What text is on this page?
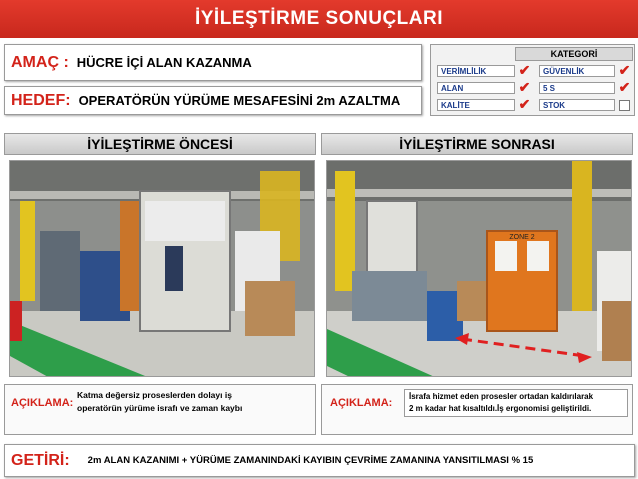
İYİLEŞTİRME SONUÇLARI
AMAÇ : HÜCRE İÇİ ALAN KAZANMA
HEDEF: OPERATÖRÜN YÜRÜME MESAFESİNİ 2m AZALTMA
KATEGORİ
VERİMLİLİK	✔	GÜVENLİK	✔
ALAN	✔	5 S	✔
KALİTE	✔	STOK
İYİLEŞTİRME ÖNCESİ
AÇIKLAMA:
Katma değersiz proseslerden dolayı iş
operatörün yürüme israfı ve zaman kaybı
İYİLEŞTİRME SONRASI
ZONE 2
AÇIKLAMA:
İsrafa hizmet eden prosesler ortadan kaldırılarak
2 m kadar hat kısaltıldı.İş ergonomisi geliştirildi.
GETİRİ: 2m ALAN KAZANIMI + YÜRÜME ZAMANINDAKİ KAYIBIN ÇEVRİME ZAMANINA YANSITILMASI % 15
